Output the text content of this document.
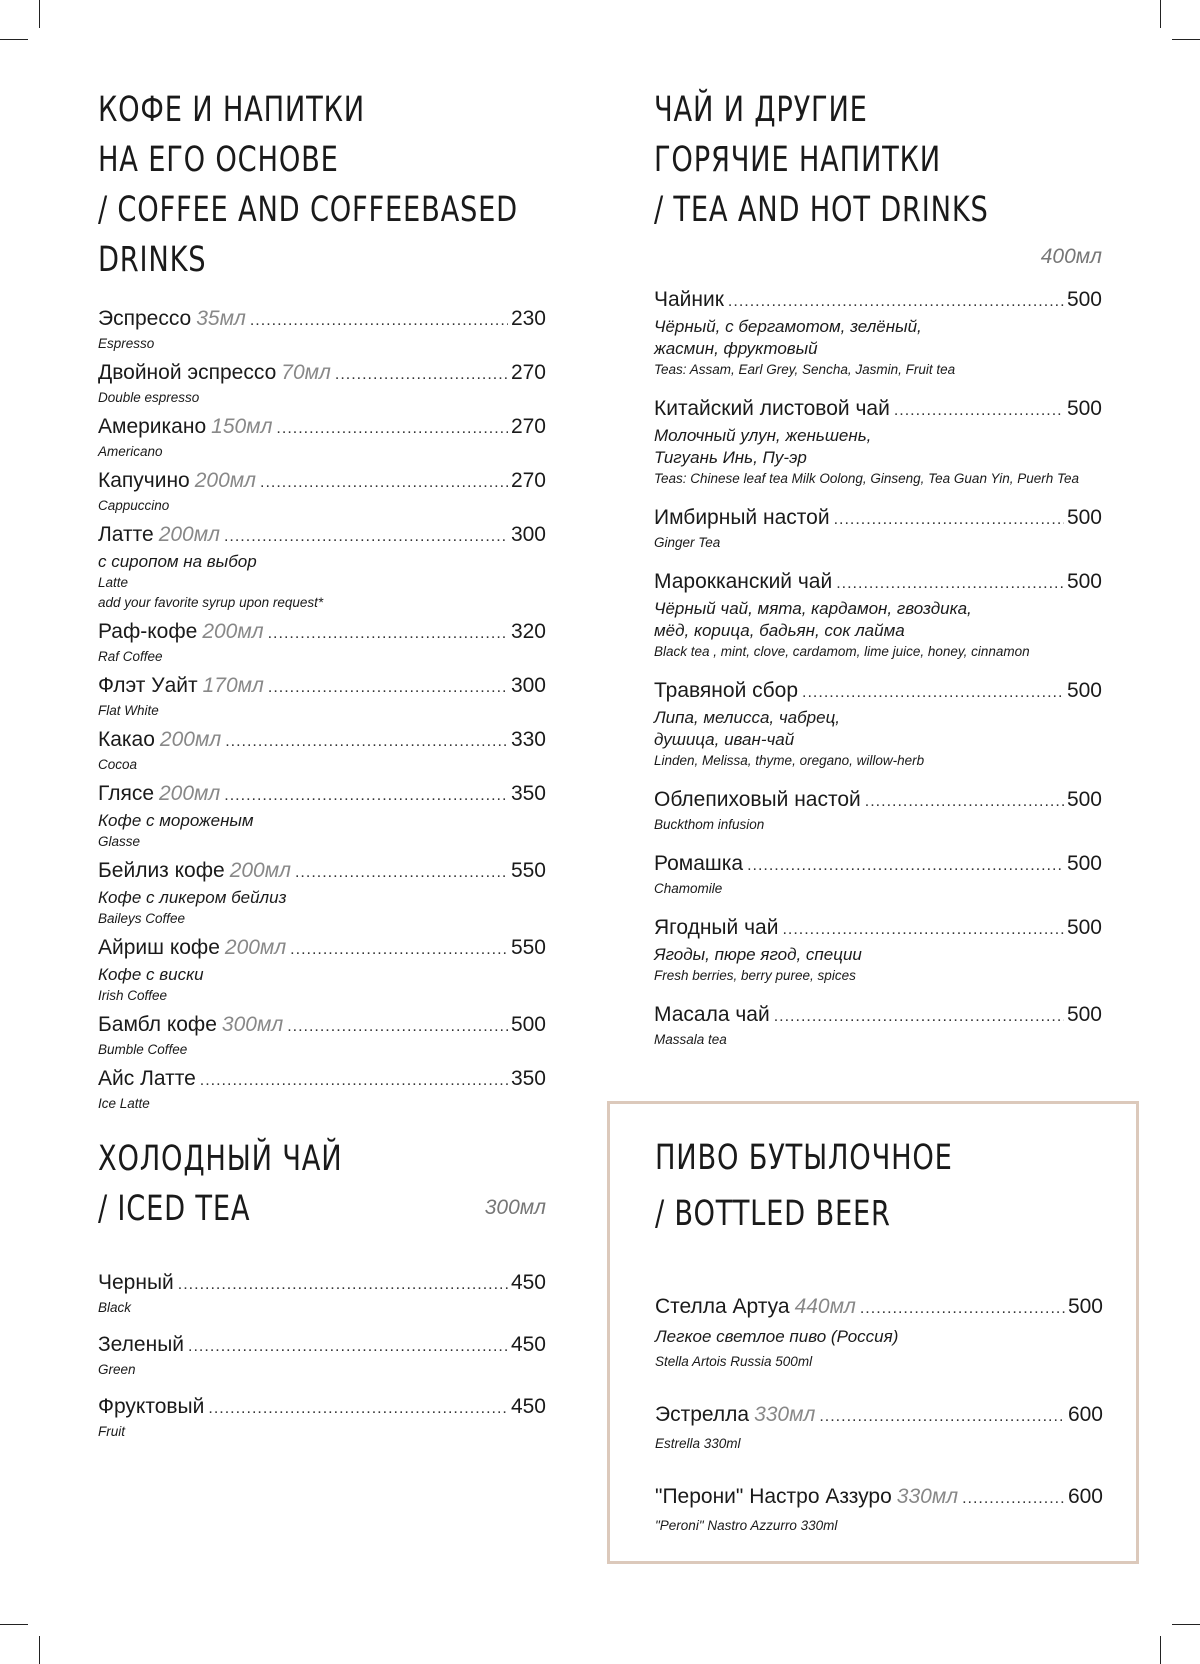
КОФЕ И НАПИТКИ
НА ЕГО ОСНОВЕ
/ COFFEE AND COFFEEBASED
DRINKS
Эспрессо 35мл .....	230
Espresso
Двойной эспрессо 70мл .....	270
Double espresso
Американо 150мл .....	270
Americano
Капучино 200мл .....	270
Cappuccino
Латте 200мл .....	300
с сиропом на выбор
Latte
add your favorite syrup upon request*
Раф-кофе 200мл .....	320
Raf Coffee
Флэт Уайт 170мл .....	300
Flat White
Какао 200мл .....	330
Cocoa
Глясе 200мл .....	350
Кофе с мороженым
Glasse
Бейлиз кофе 200мл .....	550
Кофе с ликером бейлиз
Baileys Coffee
Айриш кофе 200мл .....	550
Кофе с виски
Irish Coffee
Бамбл кофе 300мл .....	500
Bumble Coffee
Айс Латте .....	350
Ice Latte
ХОЛОДНЫЙ ЧАЙ
/ ICED TEA	300мл
Черный .....	450
Black
Зеленый .....	450
Green
Фруктовый .....	450
Fruit
ЧАЙ И ДРУГИЕ
ГОРЯЧИЕ НАПИТКИ
/ TEA AND HOT DRINKS
400мл
Чайник .....	500
Чёрный, с бергамотом, зелёный,
жасмин, фруктовый
Teas: Assam, Earl Grey, Sencha, Jasmin, Fruit tea
Китайский листовой чай .....	500
Молочный улун, женьшень,
Тигуань Инь, Пу-эр
Teas: Chinese leaf tea Milk Oolong, Ginseng, Tea Guan Yin, Puerh Tea
Имбирный настой .....	500
Ginger Tea
Марокканский чай .....	500
Чёрный чай, мята, кардамон, гвоздика,
мёд, корица, бадьян, сок лайма
Black tea , mint, clove, cardamom, lime juice, honey, cinnamon
Травяной сбор .....	500
Липа, мелисса, чабрец,
душица, иван-чай
Linden, Melissa, thyme, oregano, willow-herb
Облепиховый настой .....	500
Buckthom infusion
Ромашка .....	500
Chamomile
Ягодный чай .....	500
Ягоды, пюре ягод, специи
Fresh berries, berry puree, spices
Масала чай .....	500
Massala tea
ПИВО БУТЫЛОЧНОЕ
/ BOTTLED BEER
Стелла Артуа 440мл .....	500
Легкое светлое пиво (Россия)
Stella Artois Russia 500ml
Эстрелла 330мл .....	600
Estrella 330ml
"Перони" Настро Аззуро 330мл .....	600
"Peroni" Nastro Azzurro 330ml
